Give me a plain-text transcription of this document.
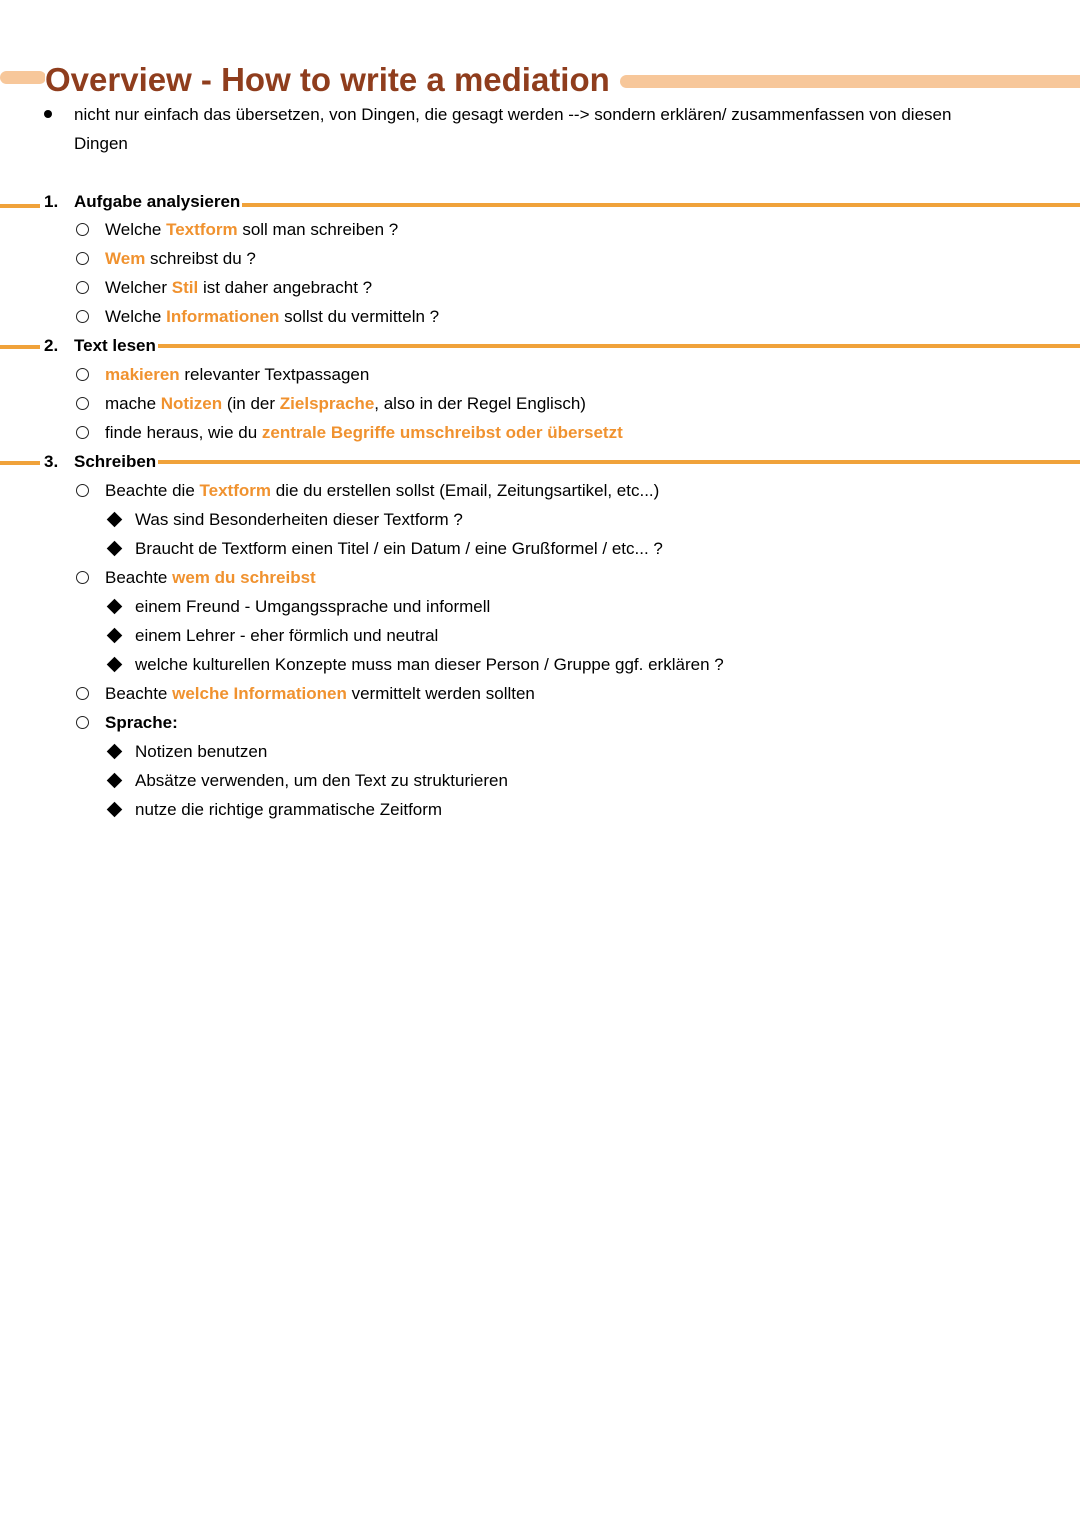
Overview - How to write a mediation
nicht nur einfach das übersetzen, von Dingen, die gesagt werden --> sondern erklären/ zusammenfassen von diesen
Dingen
1. Aufgabe analysieren
Welche Textform soll man schreiben ?
Wem schreibst du ?
Welcher Stil ist daher angebracht ?
Welche Informationen sollst du vermitteln ?
2. Text lesen
makieren relevanter Textpassagen
mache Notizen (in der Zielsprache, also in der Regel Englisch)
finde heraus, wie du zentrale Begriffe umschreibst oder übersetzt
3. Schreiben
Beachte die Textform die du erstellen sollst (Email, Zeitungsartikel, etc...)
Was sind Besonderheiten dieser Textform ?
Braucht de Textform einen Titel / ein Datum / eine Grußformel / etc... ?
Beachte wem du schreibst
einem Freund - Umgangssprache und informell
einem Lehrer - eher förmlich und neutral
welche kulturellen Konzepte muss man dieser Person / Gruppe ggf. erklären ?
Beachte welche Informationen vermittelt werden sollten
Sprache:
Notizen benutzen
Absätze verwenden, um den Text zu strukturieren
nutze die richtige grammatische Zeitform
